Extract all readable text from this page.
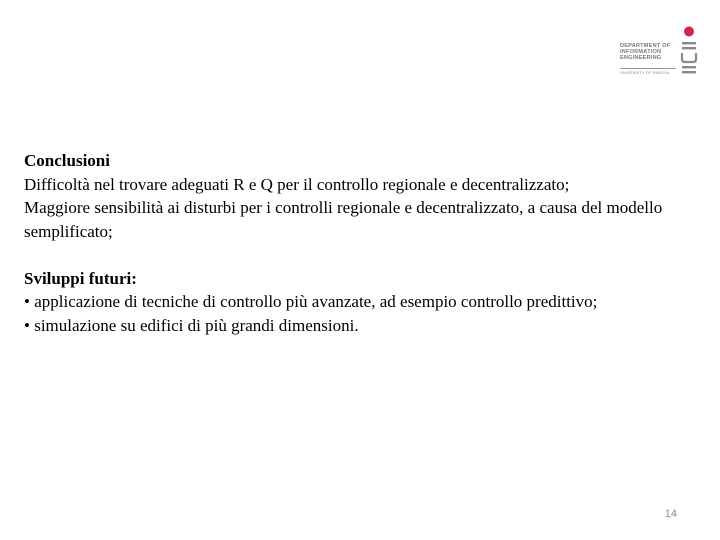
DEPARTMENT OF
INFORMATION
ENGINEERING
UNIVERSITY OF PADOVA

Conclusioni

Difficoltà nel trovare adeguati R e Q per il controllo regionale e decentralizzato;

Maggiore sensibilità ai disturbi per i controlli regionale e decentralizzato, a causa del modello semplificato;

Sviluppi futuri:

• applicazione di tecniche di controllo più avanzate, ad esempio controllo predittivo;

• simulazione su edifici di più grandi dimensioni.

14
